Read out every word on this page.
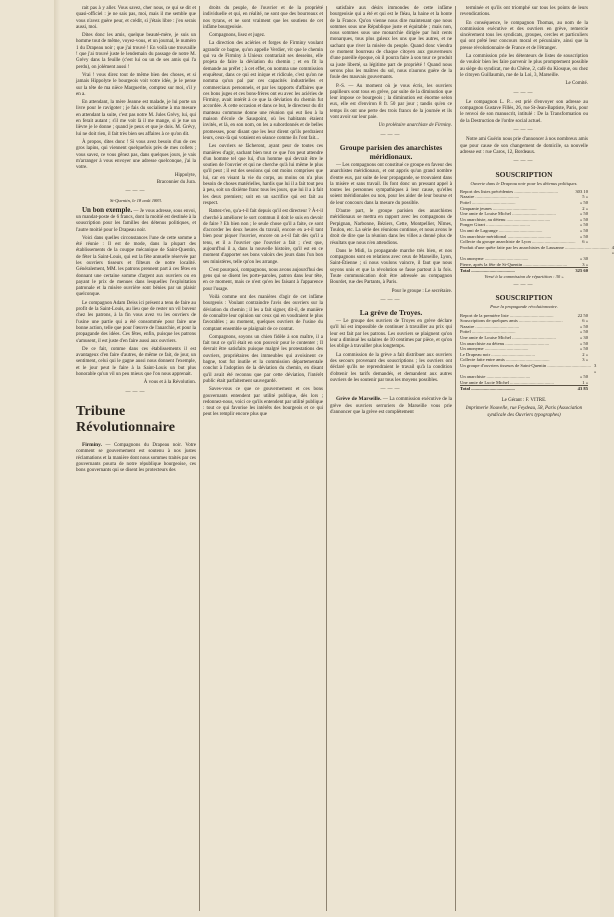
rait pas à y aller. Vous savez, cher nous, ce qui se dit et quasi-officiel : je ne sais pas, moi, mais il me semble que vous n'avez guère peur, et crédit, si j'étais libre : j'en serais aussi, moi.

Dites donc les amis, quelque beauté-mère, je suis un homme tout de même, voyez-vous, et un journal, le numéro 1 du Drapeau noir ; que j'ai trouvé ! En voilà une trouvaille ! que j'ai trouvé juste le lendemain du passage de notre M. Grévy dans la feuille (c'est lui ou un de ses amis qui l'a perdu), on jolément aussi !

Vrai ! vous direz tout de même bien des choses, et si jamais Hippolyte le bourgeois voit votre idée, je le pense sur la tête de ma nièce Marguerite, comptez sur moi, s'il y en a.

En attendant, la mère Jeanne est malade, je lui porte un livre pour le ravigoter ; je fais du socialisme à ma mesure en attendant la suite, c'est pas notre M. Jules Grévy, lui, qui en ferait autant ; s'il me voit là il me mange, si je tue un lièvre je le donne ; quand je peux et que je dois. M. Grévy, lui ne doit rien, il fait très bien ses affaires à ce qu'on dit.

À propos, dites donc ! Si vous avez besoin d'un de ces gros lapins, qui viennent quelquefois près de mes collets ; vous savez, ce vous gênez pas, dans quelques jours, je vais m'arranger à vous envoyer une adresse quelconque, j'ai la votre.

Hippolyte,
Braconnier du Jura.
———
St-Quentin, le 18 août 1883.

Un bon exemple. — Je vous adresse, sous envoi, un mandat-poste de 6 francs, dont la moitié est destinée à la souscription pour les familles des détenus politiques, et l'autre moitié pour le Drapeau noir.

Voici dans quelles circonstances l'une de cette somme a été réunie : Il est de mode, dans la plupart des établissements de la couppe mécanique de Saint-Quentin, de fêter la Saint-Louis, qui est la fête annuelle réservée par les ouvriers tisseurs et filteurs de notre localité. Généralement, MM. les patrons prennent part à ces fêtes en donnant une certaine somme d'argent aux ouvriers ou en payant le prix de menues dans lesquelles l'exploitation patronale et la misère ouvrière sont bénies par un plaisir quelconque.

Le compagnon Adam Deiss ici présent a tenu de faire au profit de la Saint-Louis, au lieu que de rester un vil buveur chez les patrons, à la fin vous avez vu les ouvriers de l'usine une partie qui a été consommée pour faire une bonne action, telle que pour l'œuvre de l'anarchie, et pour la propagande des idées. Ces fêtes, enfin, puisque les patrons s'amusent, il est juste d'en faire aussi aux ouvriers.

De ce fait, comme dans ces établissements il est avantageux d'en faire d'autres, de même ce fait, de jour, un sentiment, celui qui le gagne aussi nous donnent l'exemple, et le jour peut le faire à la Saint-Louis un but plus honorable qu'un vil un peu mieux que l'on nous apprenait.

À vous et à la Révolution.
———
Tribune Révolutionnaire

Firminy. — Compagnons du Drapeau noir. Votre comment se gouvernement est soutenu à nos justes réclamations et la manière dont nous sommes traités par ces gouvernants pourra de notre république bourgeoise, ces bons gouvernants qui se disent les protecteurs des

droits du peuple, de l'ouvrier et de la propriété individuelle et qui, en réalité, ne sont que des bourreaux et nos tyrans, et ne sont vraiment que les soutiens de cet infâme bourgeoisie.

Compagnons, lisez et jugez.

La direction des aciéries et forges de Firminy voulant agrandir ce bagne, qu'on appelle Verdier, vit que le chemin qui va de Firminy à Unieux contrariait ses desseins, elle projeta de faire la déviation du chemin ; et en fit la demande au préfet ; à cet effet, on nomma une commission enquêteur, dans ce qui est inique et ridicule, c'est qu'on ne nomma qu'un pal par ces capacités industrielles et commerciaux personnels, et par les rapports d'affaires que ces bons juges et ces bons-frères ont eu avec les aciéries de Firminy, avait intérêt à ce que la déviation du chemin fut accordée. À cette occasion et dans ce but, le directeur du dit manteau commune donne une réunion qui eut lieu à la maison d'école de Sauspoint, où les habitants étaient invités, et là, en son nom, on les a subordonnés et de belles promesses, pour disant que les leur dirent qu'ils perdraient leurs, ceux-là qui votaient en séance comme ils l'ont fait...

Les ouvriers se fâcheront, ayant peur de toutes ces manières d'agir, sachant bien tout ce que l'on peut attendre d'un homme tel que lui, d'un homme qui devrait être le soutien de l'ouvrier et qui ne cherche qu'à lui même le plus qu'il peut ; il est des sessions qui ont moins comprises que lui, car en visant la vie du corps, au moins on n'a plus besoin de choses matérielles, hardis que lui il a fait tout peu à peu, soit un dixième franc tous les jours, que lui il a à fait les deux premiers; soit en un sacrifice qui est fait au respect.

Rattez-t'en, qu'a-t-il fait depuis qu'il est directeur ? À-t-il cherché à améliorer le sort commun il doit le suis en devoir de faire ? Eh bien non ; le seule chose qu'il a faite, ce sont d'accorder les deux heures du travail, encore en a-t-il tant bien pour piquer l'ouvrier, encore on a-t-il fait dès qu'il a tenu, et il a l'ouvrier que l'ouvrier a fait ; c'est que, aujourd'hui il a, dans la nouvelle histoire, qu'il est en ce moment d'apporter ses bons valoirs des jours dans l'un bon ses ministères, telle qu'on les arrange.

C'est pourquoi, compagnons, nous avons aujourd'hui des gens qui se disent les porte-paroles, patron dans leur tête, en ce moment, mais ce n'est qu'en les faisant à l'apparence pour l'usage.

Voilà comme ont des manières d'agir de cet infâme bourgeois : Voulant contraindre l'avis des ouvriers sur la déviation du chemin ; il les a fait signer, dit-il, de manière de connaître leur opinion sur ceux qui en voudraient le plus favorables ; au moment, quelques ouvriers de l'usine du comptant ensemble se plaignait de ce contrat.

Compagnons, soyons un chien fidèle à son maître, il a fait tout ce qu'il était en son pouvoir pour le contenter ; Il devrait être satisfaits puisque malgré les protestations des ouvriers, propriétaires des immeubles qui avoisinent ce bagne, tout fut inutile et la commission départementale conclut à l'adoption de la déviation du chemin, en disant qu'il avait été reconnu que par cette déviation, l'intérêt public était parfaitement sauvegardé.

Saves-vous ce que ce gouvernement et ces bons gouvernants entendent par utilité publique, dès lors ; redonnez-nous, voici ce qu'ils entendent par utilité publique : tout ce qui favorise les intérêts des bourgeois et ce qui peut les remplir encore plus que

satisfaire aux désirs immondes de cette infâme bourgeoisie qui a été et qui est le fléau, la haine et la honte de la France. Qu'on vienne nous dire maintenant que nous sommes sous une République juste et équitable ; mais non, nous sommes sous une monarchie dirigée par huit cents monarques, tous plus galeux les uns que les autres, et ne sachant que river la misère du peuple. Quand donc viendra ce moment bourreau de chaque citoyen aux gouverneurs d'une pareille époque, où il pourra faire à son tour ce produit sa juste liberté, sa légitime part de propriété ! Quand nous serons plus les maîtres du sol, nous n'aurons guère de la foule des mauvais gouvernants.

P.-S. — Au moment où je vous écris, les ouvriers papilleurs sont tous en grève, par suite de la diminution que leur impose ce bourgeois ; la diminution est énorme selon eux, elle est d'environ 8 fr. 50 par jour ; tandis qu'en ce temps ils ont une perte des trois francs de la journée et ils vont avoir sur leur paie.

Un prolétaire anarchiste de Firminy.
———
Groupe parisien des anarchistes méridionaux.

— Les compagnons ont constitué ce groupe en faveur des anarchistes méridionaux, et ont appris qu'un grand nombre d'entre eux, par suite de leur propagande, se trouvaient dans la misère et sans travail. Ils font donc un pressant appel à toutes les personnes sympathiques à leur cause, qu'elles soient méridionales ou non, pour les aider de leur bourse et de leur concours dans la mesure du possible.

D'autre part, le groupe parisien des anarchistes méridionaux se mettra en rapport avec les compagnons de Perpignan, Narbonne, Béziers, Cette, Montpellier, Nîmes, Toulon, etc. La série des réunions continue, et nous avons le droit de dire que la réunion dans les villes a donné plus de résultats que nous n'en attendions.

Dans le Midi, la propagande marche très bien, et nos compagnons sont en relations avec ceux de Marseille, Lyon, Saint-Étienne ; si nous voulons vaincre, il faut que nous soyons unis et que la révolution se fasse partout à la fois. Toute communication doit être adressée au compagnon Bourdet, rue des Partants, à Paris.

Pour le groupe : Le secrétaire.
———
La grève de Troyes.

— Le groupe des ouvriers de Troyes en grève déclare qu'il lui est impossible de continuer à travailler au prix qui leur est fait par les patrons. Les ouvriers se plaignent qu'on leur a diminué les salaires de 10 centimes par pièce, et qu'on les oblige à travailler plus longtemps.

La commission de la grève a fait distribuer aux ouvriers des secours provenant des souscriptions ; les ouvriers ont déclaré qu'ils ne reprendraient le travail qu'à la condition d'obtenir les tarifs demandés, et demandent aux autres ouvriers de les soutenir par tous les moyens possibles.

———

Grève de Marseille. — La commission exécutive de la grève des ouvriers serruriers de Marseille vous prie d'annoncer que la grève est complètement

terminée et qu'ils ont triomphé sur tous les points de leurs revendications.

En conséquence, le compagnon Thomas, au nom de la commission exécutive et des ouvriers en grève, remercie sincèrement tous les syndicats, groupes, cercles et particuliers qui ont prêté leur concours moral et pécuniaire, ainsi que la presse révolutionnaire de France et de l'étranger.

La commission prie les détenteurs de listes de souscription de vouloir bien les faire parvenir le plus promptement possible au siège du syndicat, rue du Chêne, 2, café du Kiosque, ou chez le citoyen Guillaumin, rue de la Loi, 3, Marseille.

Le Comité.
———

Le compagnon L. P... est prié d'envoyer son adresse au compagnon Gustave Fillès, 26, rue St-Jean-Baptiste, Paris, pour le renvoi de son manuscrit, intitulé : De la Transformation ou de la Destruction de l'ordre social actuel.

———

Notre ami Guérin nous prie d'annoncer à nos nombreux amis que pour cause de son changement de domicile, sa nouvelle adresse est : rue Caros, 12, Bordeaux.

———
SOUSCRIPTION
Ouverte dans le Drapeau noir pour les détenus politiques.
Report des listes précédentes ......................................	303 10
Nazaire ......................................	5 »
Pottel ......................................	» 50
Cinquante jeunes ......................................	2 »
Une amie de Louise Michel ......................................	» 50
Un anarchiste, au détenu ......................................	» 50
Ponger Girart ......................................	» 50
Un ami de Lagrange ......................................	» 50
Un anarchiste méridional ......................................	» 50
Collecte du groupe anarchiste de Lyon ......................................	6 »
Produit d'une quête faite par les anarchistes de Lausanne ...................................... 4 »
Un anonyme ......................................	» 30
Pierre, après la fête de St-Quentin ......................................	3 »
Total ......................................	325 60
Versé à la commission de répartition : 30 »
———
SOUSCRIPTION
Pour la propagande révolutionnaire.
Report de la première liste ......................................	22 50
Souscriptions de quelques amis ......................................	6 »
Nazaire ......................................	» 50
Pottel ......................................	» 50
Une amie de Louise Michel ......................................	» 30
Un anarchiste au détenu ......................................	» 50
Un anonyme ......................................	» 50
Le Drapeau noir ......................................	2 »
Collecte faite entre amis ......................................	3 »
Un groupe d'ouvriers tisseurs de Saint-Quentin ...................................... 3 »
Un anarchiste ......................................	» 50
Une amie de Lucie Michel ......................................	1 »
Total ......................................	43 85
Le Gérant : F. VITRE.
Imprimerie Nouvelle, rue Feydeau, 58, Paris (Association syndicale des Ouvriers typographes)
